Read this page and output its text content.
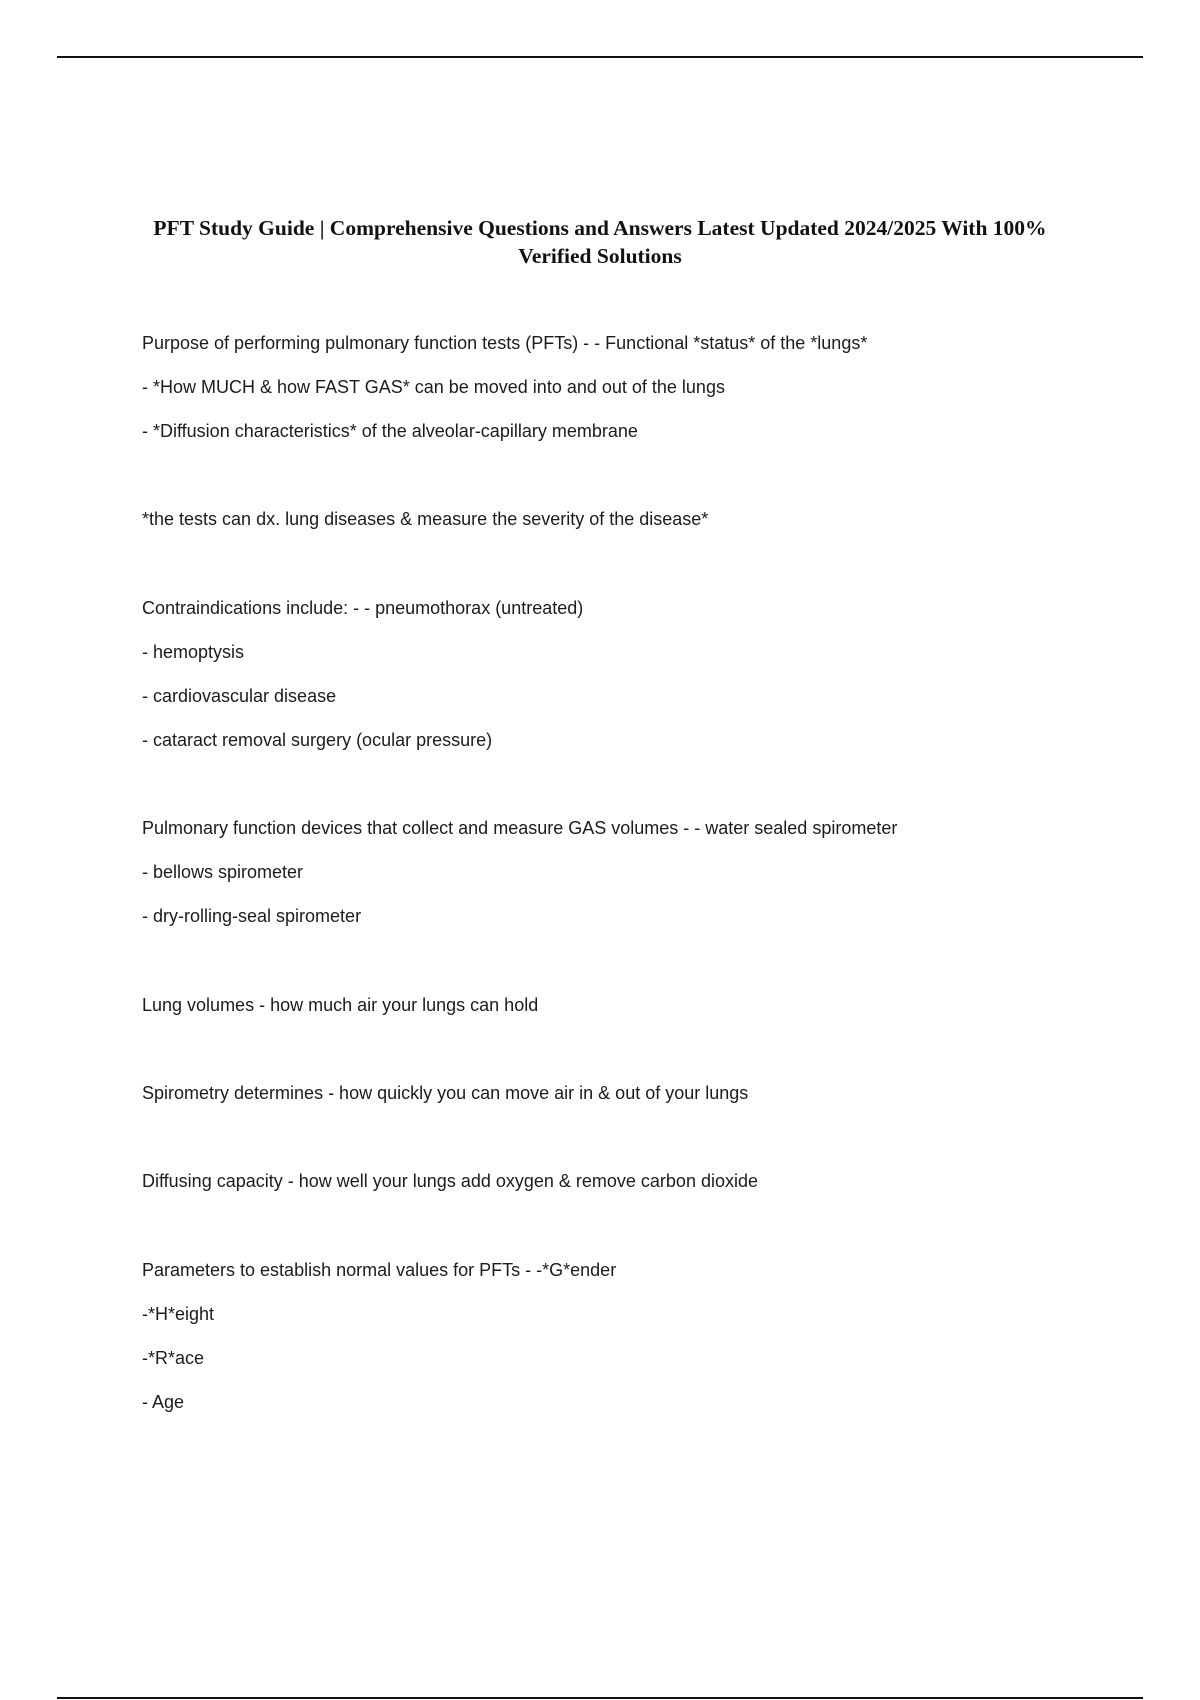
PFT Study Guide | Comprehensive Questions and Answers Latest Updated 2024/2025 With 100% Verified Solutions
Purpose of performing pulmonary function tests (PFTs) - - Functional *status* of the *lungs*
- *How MUCH & how FAST GAS* can be moved into and out of the lungs
- *Diffusion characteristics* of the alveolar-capillary membrane
*the tests can dx. lung diseases & measure the severity of the disease*
Contraindications include: - - pneumothorax (untreated)
- hemoptysis
- cardiovascular disease
- cataract removal surgery (ocular pressure)
Pulmonary function devices that collect and measure GAS volumes - - water sealed spirometer
- bellows spirometer
- dry-rolling-seal spirometer
Lung volumes - how much air your lungs can hold
Spirometry determines - how quickly you can move air in & out of your lungs
Diffusing capacity - how well your lungs add oxygen & remove carbon dioxide
Parameters to establish normal values for PFTs - -*G*ender
-*H*eight
-*R*ace
- Age
